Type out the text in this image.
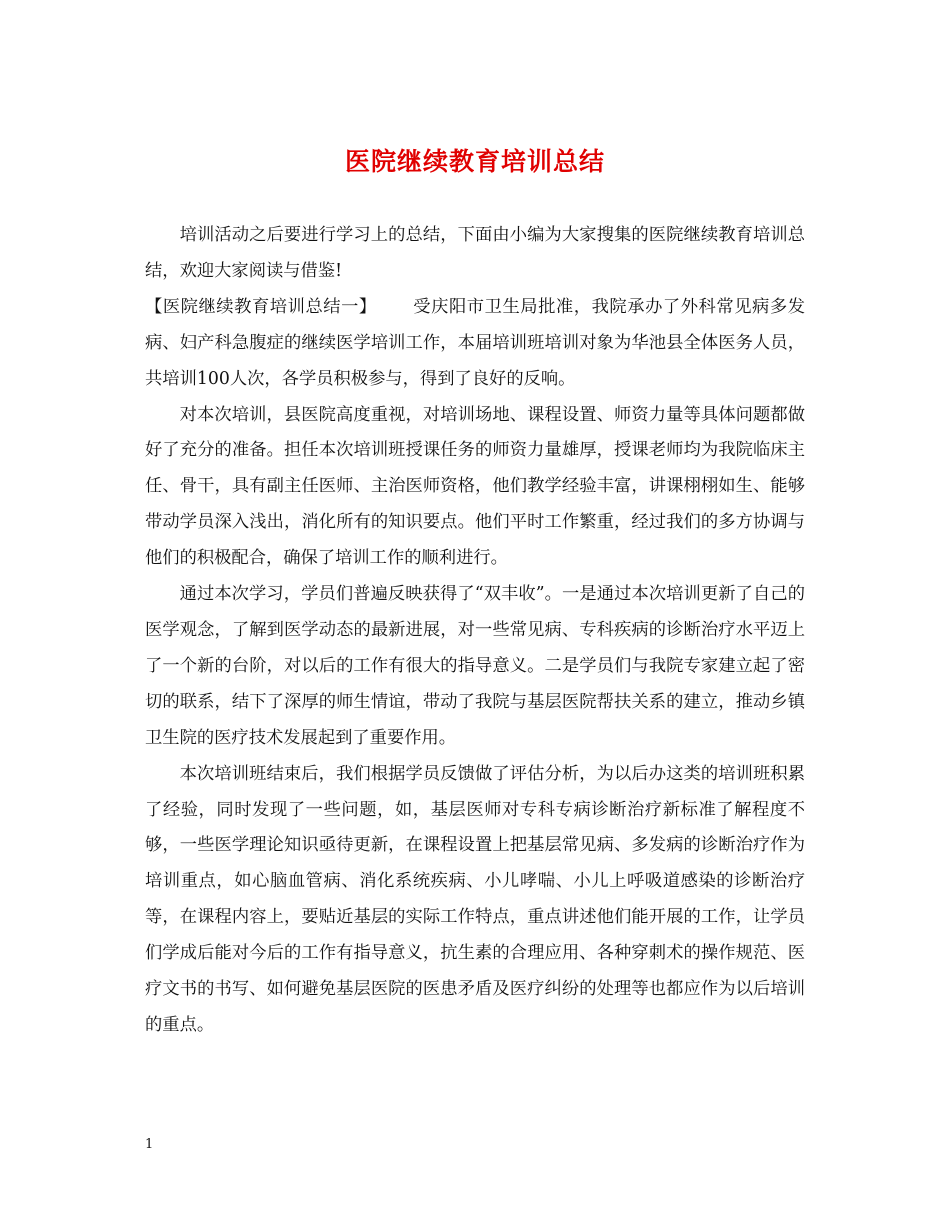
医院继续教育培训总结

培训活动之后要进行学习上的总结，下面由小编为大家搜集的医院继续教育培训总结，欢迎大家阅读与借鉴!

【医院继续教育培训总结一】 受庆阳市卫生局批准，我院承办了外科常见病多发病、妇产科急腹症的继续医学培训工作，本届培训班培训对象为华池县全体医务人员，共培训100人次，各学员积极参与，得到了良好的反响。

对本次培训，县医院高度重视，对培训场地、课程设置、师资力量等具体问题都做好了充分的准备。担任本次培训班授课任务的师资力量雄厚，授课老师均为我院临床主任、骨干，具有副主任医师、主治医师资格，他们教学经验丰富，讲课栩栩如生、能够带动学员深入浅出，消化所有的知识要点。他们平时工作繁重，经过我们的多方协调与他们的积极配合，确保了培训工作的顺利进行。

通过本次学习，学员们普遍反映获得了“双丰收”。一是通过本次培训更新了自己的医学观念，了解到医学动态的最新进展，对一些常见病、专科疾病的诊断治疗水平迈上了一个新的台阶，对以后的工作有很大的指导意义。二是学员们与我院专家建立起了密切的联系，结下了深厚的师生情谊，带动了我院与基层医院帮扶关系的建立，推动乡镇卫生院的医疗技术发展起到了重要作用。

本次培训班结束后，我们根据学员反馈做了评估分析，为以后办这类的培训班积累了经验，同时发现了一些问题，如，基层医师对专科专病诊断治疗新标准了解程度不够，一些医学理论知识亟待更新，在课程设置上把基层常见病、多发病的诊断治疗作为培训重点，如心脑血管病、消化系统疾病、小儿哮喘、小儿上呼吸道感染的诊断治疗等，在课程内容上，要贴近基层的实际工作特点，重点讲述他们能开展的工作，让学员们学成后能对今后的工作有指导意义，抗生素的合理应用、各种穿刺术的操作规范、医疗文书的书写、如何避免基层医院的医患矛盾及医疗纠纷的处理等也都应作为以后培训的重点。

1
